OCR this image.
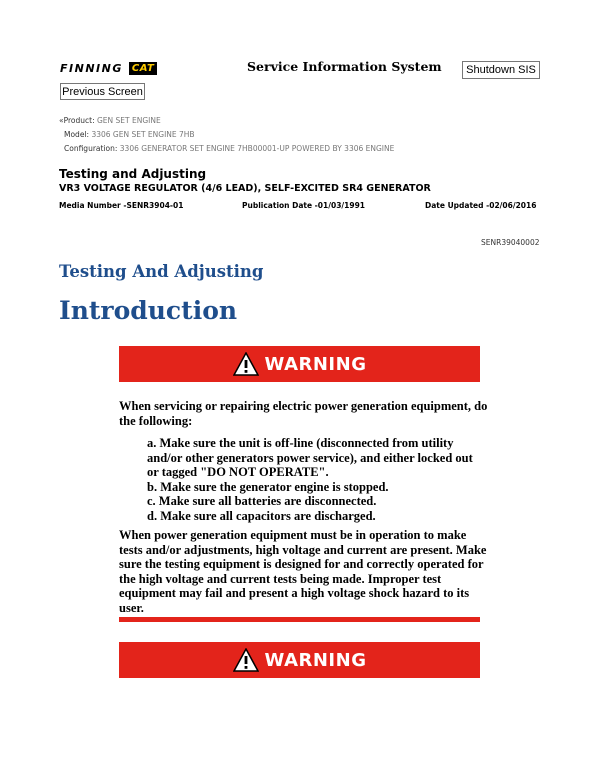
FINNING CAT	Service Information System	Shutdown SIS
Previous Screen
«Product: GEN SET ENGINE
Model: 3306 GEN SET ENGINE 7HB
Configuration: 3306 GENERATOR SET ENGINE 7HB00001-UP POWERED BY 3306 ENGINE
Testing and Adjusting
VR3 VOLTAGE REGULATOR (4/6 LEAD), SELF-EXCITED SR4 GENERATOR
Media Number -SENR3904-01	Publication Date -01/03/1991	Date Updated -02/06/2016
SENR39040002
Testing And Adjusting
Introduction
WARNING
When servicing or repairing electric power generation equipment, do the following:
a. Make sure the unit is off-line (disconnected from utility and/or other generators power service), and either locked out or tagged "DO NOT OPERATE".
b. Make sure the generator engine is stopped.
c. Make sure all batteries are disconnected.
d. Make sure all capacitors are discharged.
When power generation equipment must be in operation to make tests and/or adjustments, high voltage and current are present. Make sure the testing equipment is designed for and correctly operated for the high voltage and current tests being made. Improper test equipment may fail and present a high voltage shock hazard to its user.
WARNING
